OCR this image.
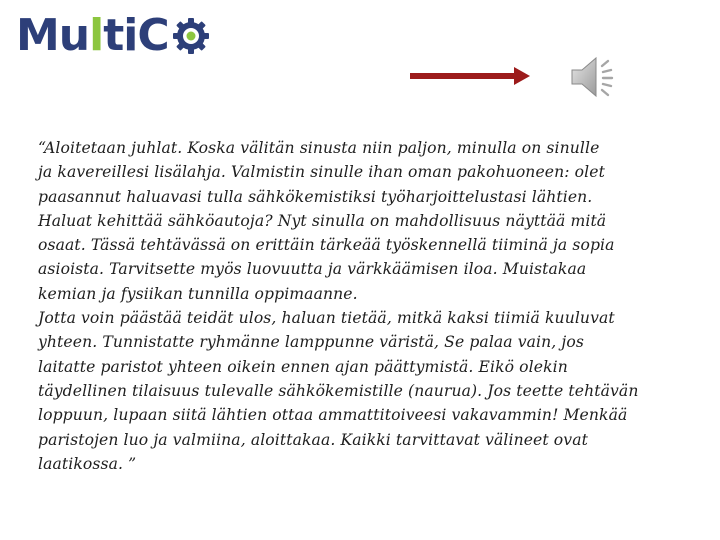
Mu l ti C

“Aloitetaan juhlat. Koska välitän sinusta niin paljon, minulla on sinulle
ja kavereillesi lisälahja. Valmistin sinulle ihan oman pakohuoneen: olet
paasannut haluavasi tulla sähkökemistiksi työharjoittelustasi lähtien.
Haluat kehittää sähköautoja? Nyt sinulla on mahdollisuus näyttää mitä
osaat. Tässä tehtävässä on erittäin tärkeää työskennellä tiiminä ja sopia
asioista. Tarvitsette myös luovuutta ja värkkäämisen iloa. Muistakaa
kemian ja fysiikan tunnilla oppimaanne.
Jotta voin päästää teidät ulos, haluan tietää, mitkä kaksi tiimiä kuuluvat
yhteen. Tunnistatte ryhmänne lamppunne väristä, Se palaa vain, jos
laitatte paristot yhteen oikein ennen ajan päättymistä. Eikö olekin
täydellinen tilaisuus tulevalle sähkökemistille (naurua). Jos teette tehtävän
loppuun, lupaan siitä lähtien ottaa ammattitoiveesi vakavammin! Menkää
paristojen luo ja valmiina, aloittakaa. Kaikki tarvittavat välineet ovat
laatikossa. ”
